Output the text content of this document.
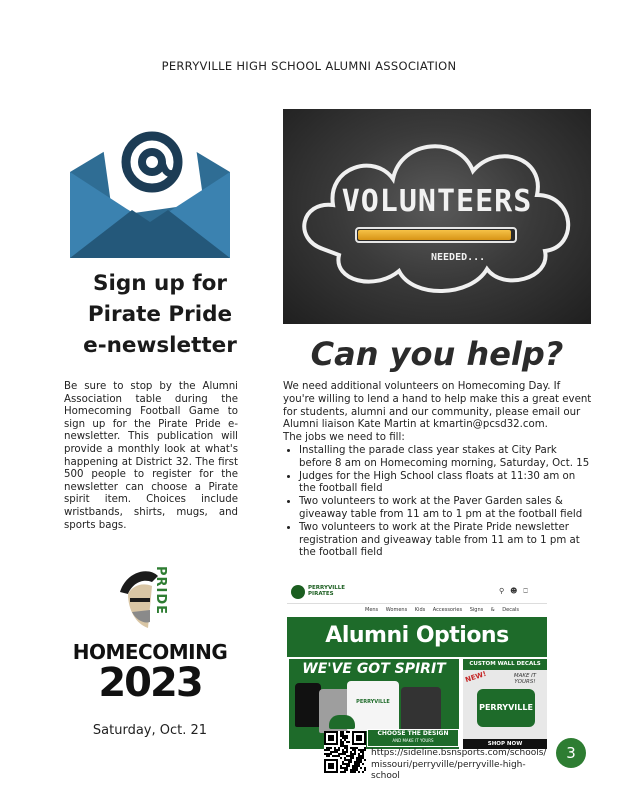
PERRYVILLE HIGH SCHOOL ALUMNI ASSOCIATION
Sign up for
Pirate Pride
e-newsletter
Be sure to stop by the Alumni Association table during the Homecoming Football Game to sign up for the Pirate Pride e-newsletter. This publication will provide a monthly look at what's happening at District 32. The first 500 people to register for the newsletter can choose a Pirate spirit item. Choices include wristbands, shirts, mugs, and sports bags.
VOLUNTEERS
NEEDED...
Can you help?

We need additional volunteers on Homecoming Day. If you're willing to lend a hand to help make this a great event for students, alumni and our community, please email our Alumni liaison Kate Martin at kmartin@pcsd32.com.

The jobs we need to fill:

• Installing the parade class year stakes at City Park before 8 am on Homecoming morning, Saturday, Oct. 15
• Judges for the High School class floats at 11:30 am on the football field
• Two volunteers to work at the Paver Garden sales & giveaway table from 11 am to 1 pm at the football field
• Two volunteers to work at the Pirate Pride newsletter registration and giveaway table from 11 am to 1 pm at the football field
PRIDE
HOMECOMING
2023
Saturday, Oct. 21
PERRYVILLE
PIRATES	⚲☻⎕
Mens Womens Kids Accessories Signs & Decals
Alumni Options
WE'VE GOT SPIRIT
PERRYVILLE
CHOOSE THE DESIGN
AND MAKE IT YOURS
CUSTOM WALL DECALS
NEW!	MAKE IT YOURS!
PERRYVILLE
SHOP NOW
https://sideline.bsnsports.com/schools/
missouri/perryville/perryville-high-school
3
